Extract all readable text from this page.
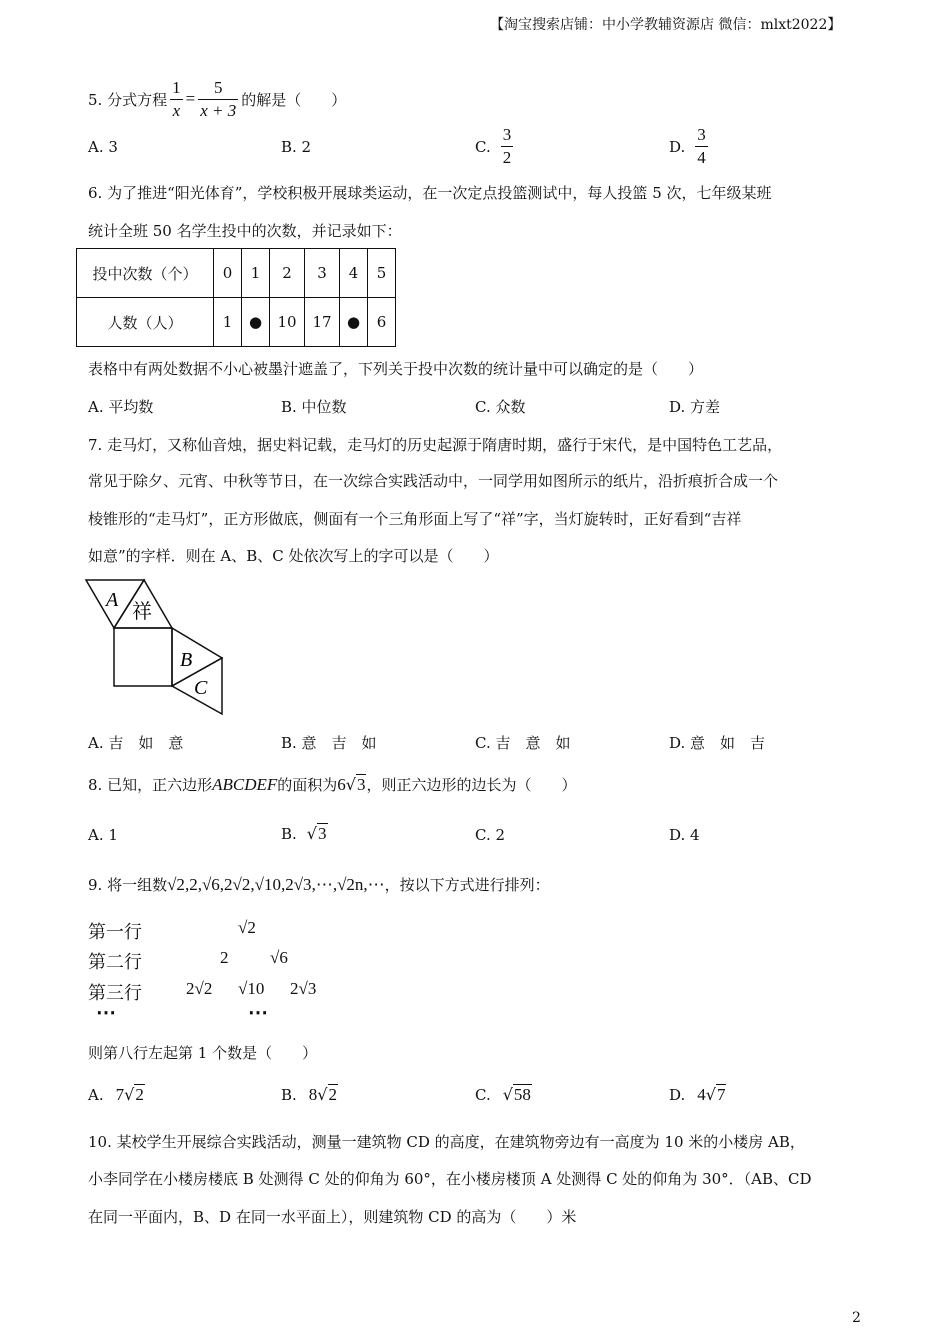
【淘宝搜索店铺：中小学教辅资源店 微信：mlxt2022】
5. 分式方程 $\frac{1}{x} = \frac{5}{x + 3}$ 的解是（　　）
A. 3	B. 2	C. $\frac{3}{2}$	D. $\frac{3}{4}$
6. 为了推进“阳光体育”，学校积极开展球类运动，在一次定点投篮测试中，每人投篮 5 次，七年级某班
统计全班 50 名学生投中的次数，并记录如下：
投中次数（个）	0	1	2	3	4	5
人数（人）	1	●	10	17	●	6
表格中有两处数据不小心被墨汁遮盖了，下列关于投中次数的统计量中可以确定的是（　　）
A. 平均数	B. 中位数	C. 众数	D. 方差
7. 走马灯，又称仙音烛，据史料记载，走马灯的历史起源于隋唐时期，盛行于宋代，是中国特色工艺品，
常见于除夕、元宵、中秋等节日，在一次综合实践活动中，一同学用如图所示的纸片，沿折痕折合成一个
棱锥形的“走马灯”，正方形做底，侧面有一个三角形面上写了“祥”字，当灯旋转时，正好看到“吉祥
如意”的字样．则在 A、B、C 处依次写上的字可以是（　　）
A 祥
B
C
A. 吉　如　意	B. 意　吉　如	C. 吉　意　如	D. 意　如　吉
8. 已知，正六边形 ABCDEF 的面积为 6 √3 ，则正六边形的边长为（　　）
A. 1	B. √3	C. 2	D. 4
9. 将一组数 √2,2,√6,2√2,√10,2√3,⋯,√2n,⋯ ，按以下方式进行排列：
第一行	√2
第二行	2 √6
第三行	2√2 √10 2√3
⋯	⋯
则第八行左起第 1 个数是（　　）
A. 7 √2	B. 8 √2	C. √58	D. 4 √7
10. 某校学生开展综合实践活动，测量一建筑物 CD 的高度，在建筑物旁边有一高度为 10 米的小楼房 AB，
小李同学在小楼房楼底 B 处测得 C 处的仰角为 60°，在小楼房楼顶 A 处测得 C 处的仰角为 30°．（AB、CD
在同一平面内，B、D 在同一水平面上），则建筑物 CD 的高为（　　）米
2
